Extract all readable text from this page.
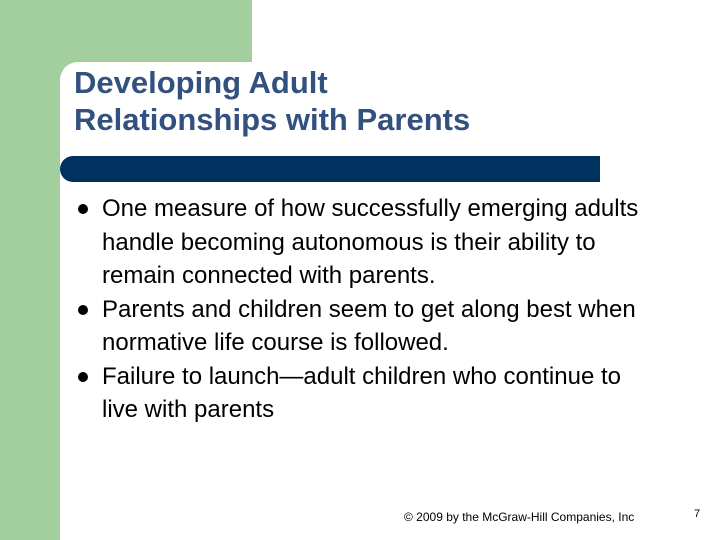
Developing Adult
Relationships with Parents
One measure of how successfully emerging adults handle becoming autonomous is their ability to remain connected with parents.
Parents and children seem to get along best when normative life course is followed.
Failure to launch—adult children who continue to live with parents
© 2009 by the McGraw-Hill Companies, Inc	7
